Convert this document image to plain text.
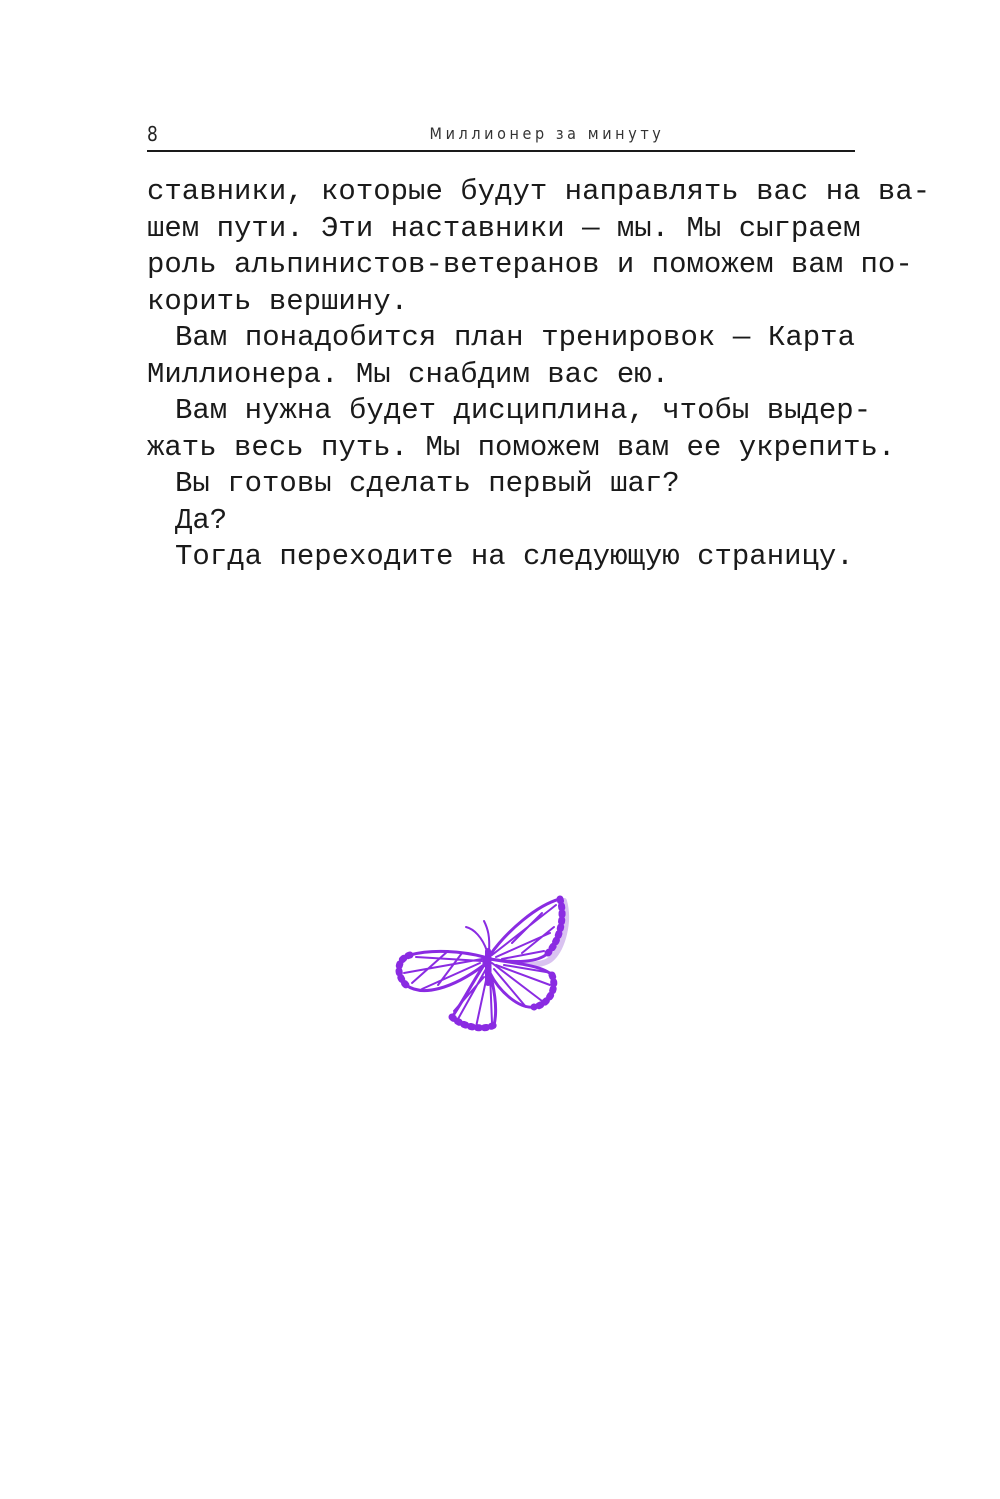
8	Миллионер за минуту

ставники, которые будут направлять вас на ва-

шем пути. Эти наставники — мы. Мы сыграем

роль альпинистов-ветеранов и поможем вам по-

корить вершину.

Вам понадобится план тренировок — Карта

Миллионера. Мы снабдим вас ею.

Вам нужна будет дисциплина, чтобы выдер-

жать весь путь. Мы поможем вам ее укрепить.

Вы готовы сделать первый шаг?

Да?

Тогда переходите на следующую страницу.
